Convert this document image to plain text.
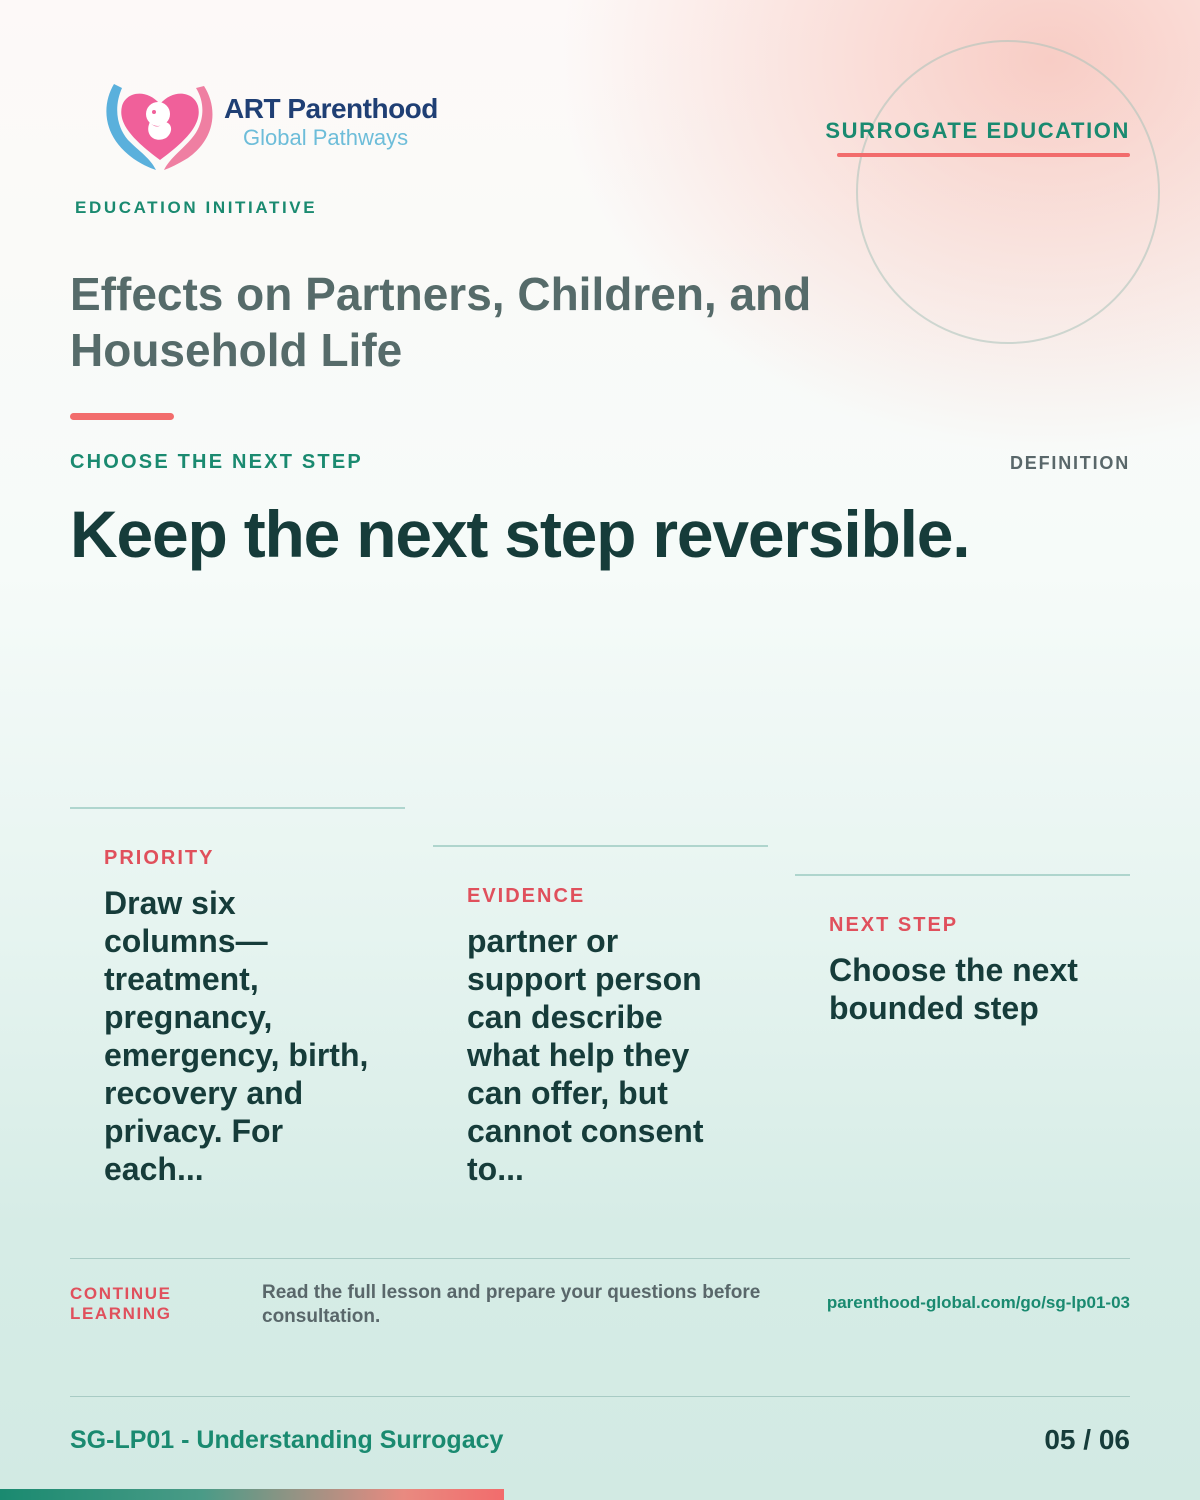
ART Parenthood
Global Pathways
EDUCATION INITIATIVE
SURROGATE EDUCATION
Effects on Partners, Children, and Household Life
CHOOSE THE NEXT STEP	DEFINITION
Keep the next step reversible.
PRIORITY
Draw six columns—treatment, pregnancy, emergency, birth, recovery and privacy. For each...
EVIDENCE
partner or support person can describe what help they can offer, but cannot consent to...
NEXT STEP
Choose the next bounded step
CONTINUE LEARNING
Read the full lesson and prepare your questions before consultation.
parenthood-global.com/go/sg-lp01-03
SG-LP01 - Understanding Surrogacy	05 / 06
